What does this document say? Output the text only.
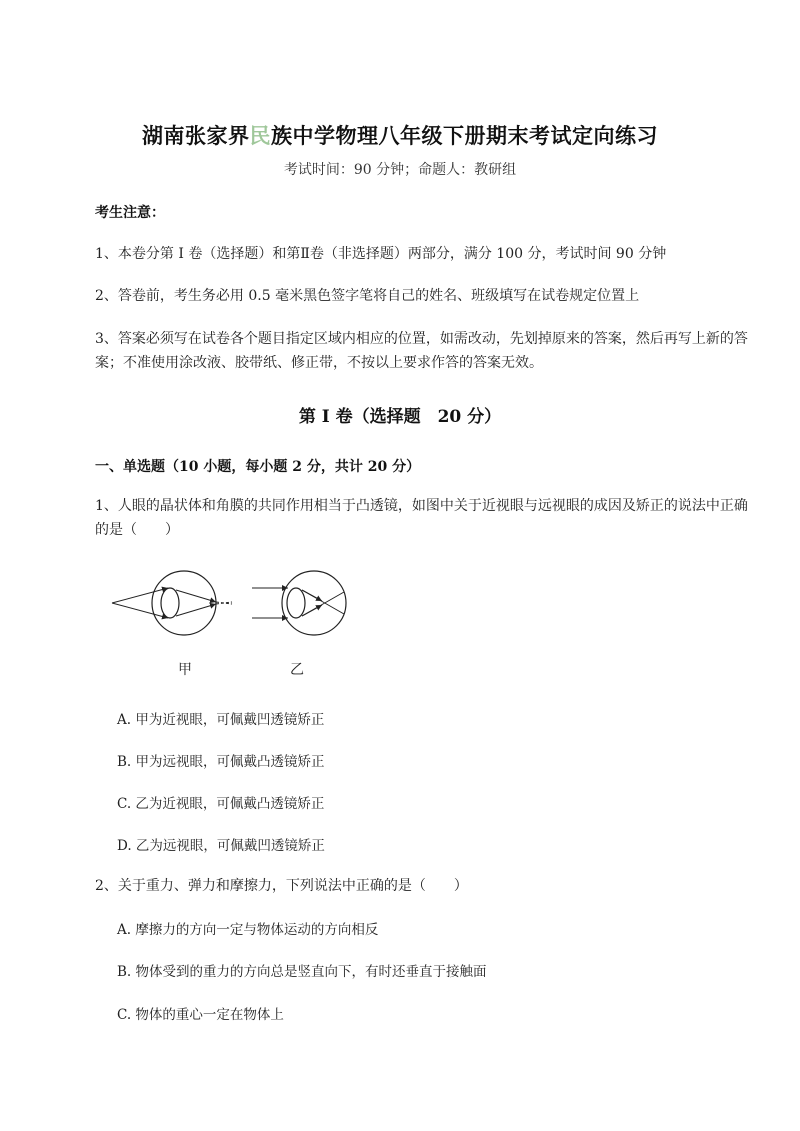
湖南张家界民族中学物理八年级下册期末考试定向练习
考试时间：90 分钟；命题人：教研组
考生注意：
1、本卷分第 I 卷（选择题）和第Ⅱ卷（非选择题）两部分，满分 100 分，考试时间 90 分钟
2、答卷前，考生务必用 0.5 毫米黑色签字笔将自己的姓名、班级填写在试卷规定位置上
3、答案必须写在试卷各个题目指定区域内相应的位置，如需改动，先划掉原来的答案，然后再写上新的答案；不准使用涂改液、胶带纸、修正带，不按以上要求作答的答案无效。
第 I 卷（选择题　20 分）
一、单选题（10 小题，每小题 2 分，共计 20 分）
1、人眼的晶状体和角膜的共同作用相当于凸透镜，如图中关于近视眼与远视眼的成因及矫正的说法中正确的是（　　）
甲	乙
A. 甲为近视眼，可佩戴凹透镜矫正
B. 甲为远视眼，可佩戴凸透镜矫正
C. 乙为近视眼，可佩戴凸透镜矫正
D. 乙为远视眼，可佩戴凹透镜矫正
2、关于重力、弹力和摩擦力，下列说法中正确的是（　　）
A. 摩擦力的方向一定与物体运动的方向相反
B. 物体受到的重力的方向总是竖直向下，有时还垂直于接触面
C. 物体的重心一定在物体上
